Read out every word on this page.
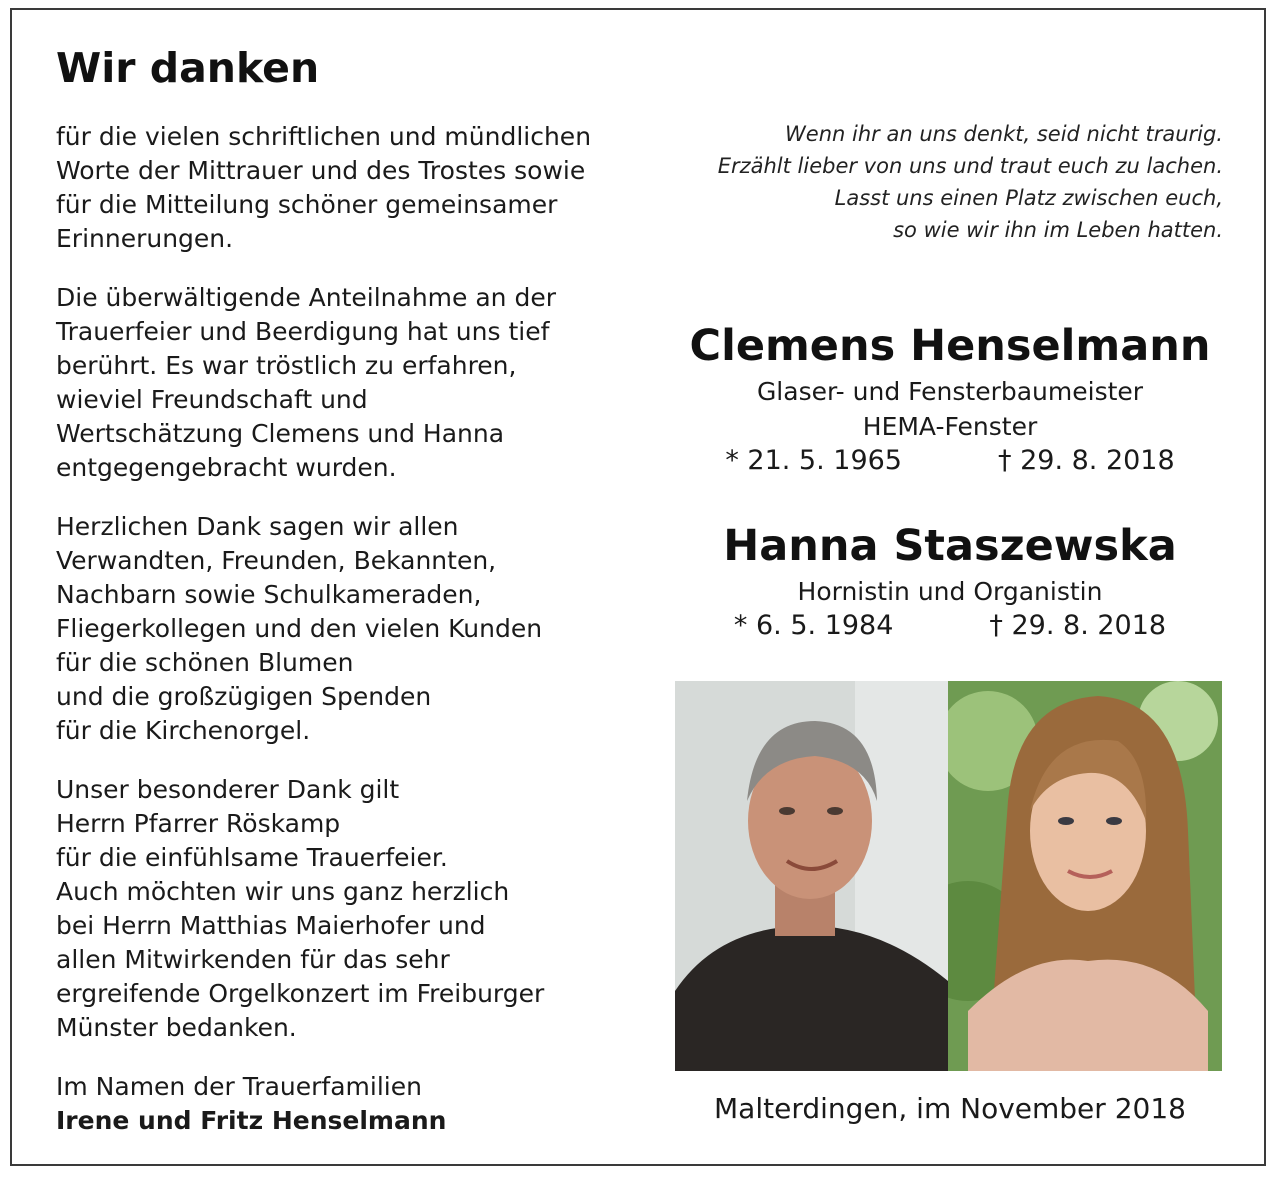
Wir danken
für die vielen schriftlichen und mündlichen
Worte der Mittrauer und des Trostes sowie
für die Mitteilung schöner gemeinsamer
Erinnerungen.
Die überwältigende Anteilnahme an der
Trauerfeier und Beerdigung hat uns tief
berührt. Es war tröstlich zu erfahren,
wieviel Freundschaft und
Wertschätzung Clemens und Hanna
entgegengebracht wurden.
Herzlichen Dank sagen wir allen
Verwandten, Freunden, Bekannten,
Nachbarn sowie Schulkameraden,
Fliegerkollegen und den vielen Kunden
für die schönen Blumen
und die großzügigen Spenden
für die Kirchenorgel.
Unser besonderer Dank gilt
Herrn Pfarrer Röskamp
für die einfühlsame Trauerfeier.
Auch möchten wir uns ganz herzlich
bei Herrn Matthias Maierhofer und
allen Mitwirkenden für das sehr
ergreifende Orgelkonzert im Freiburger
Münster bedanken.
Im Namen der Trauerfamilien
Irene und Fritz Henselmann
Wenn ihr an uns denkt, seid nicht traurig.
Erzählt lieber von uns und traut euch zu lachen.
Lasst uns einen Platz zwischen euch,
so wie wir ihn im Leben hatten.
Clemens Henselmann
Glaser- und Fensterbaumeister
HEMA-Fenster
* 21. 5. 1965	† 29. 8. 2018
Hanna Staszewska
Hornistin und Organistin
* 6. 5. 1984	† 29. 8. 2018
Malterdingen, im November 2018
